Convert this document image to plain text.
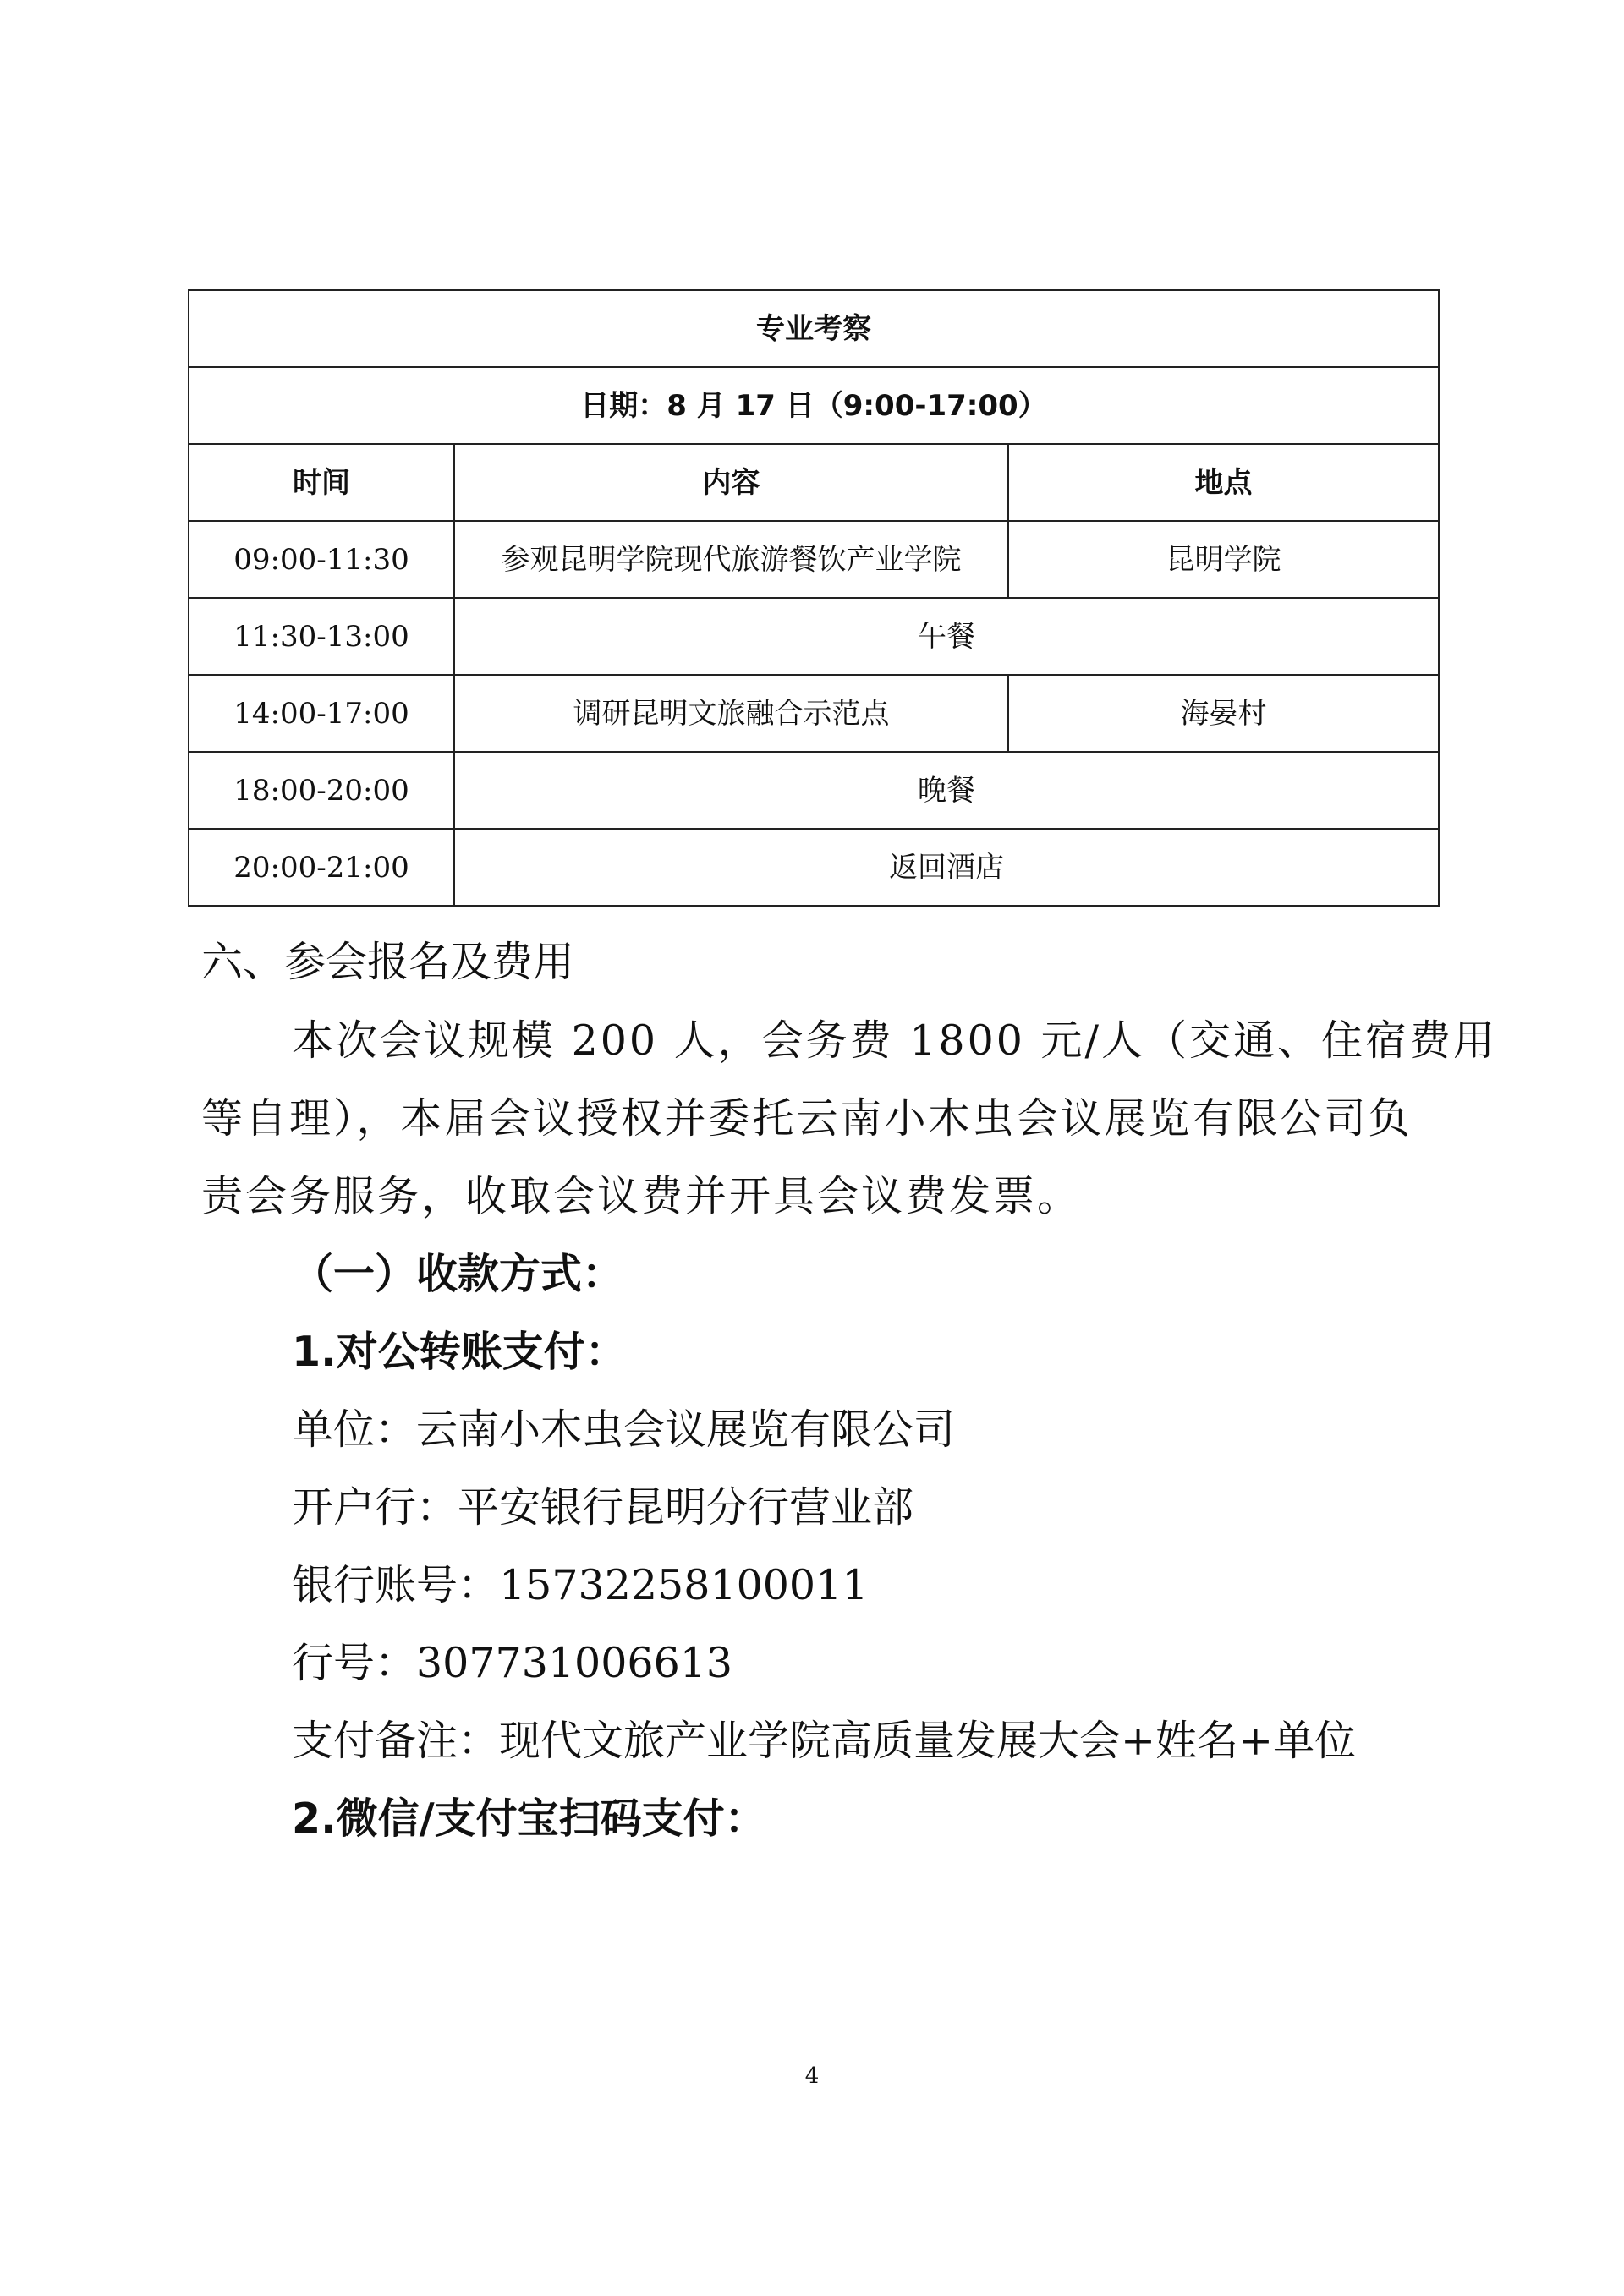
专业考察		
日期：8 月 17 日（9:00-17:00）		
时间	内容	地点
09:00-11:30	参观昆明学院现代旅游餐饮产业学院	昆明学院
11:30-13:00	午餐	
14:00-17:00	调研昆明文旅融合示范点	海晏村
18:00-20:00	晚餐	
20:00-21:00	返回酒店	
六、参会报名及费用
本次会议规模 200 人，会务费 1800 元/人（交通、住宿费用
等自理），本届会议授权并委托云南小木虫会议展览有限公司负
责会务服务，收取会议费并开具会议费发票。
（一）收款方式：
1.对公转账支付：
单位：云南小木虫会议展览有限公司
开户行：平安银行昆明分行营业部
银行账号：15732258100011
行号：307731006613
支付备注：现代文旅产业学院高质量发展大会+姓名+单位
2.微信/支付宝扫码支付：
4
